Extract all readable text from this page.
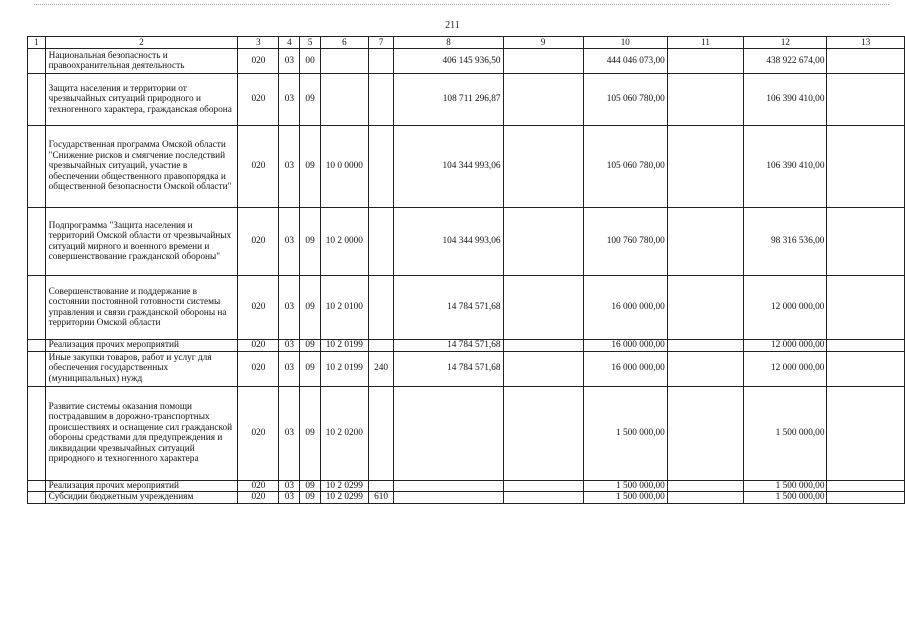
211
1	2	3	4	5	6	7	8	9	10	11	12	13
	Национальная безопасность и правоохранительная деятельность	020	03	00			406 145 936,50		444 046 073,00		438 922 674,00	
	Защита населения и территории от чрезвычайных ситуаций природного и техногенного характера, гражданская оборона	020	03	09			108 711 296,87		105 060 780,00		106 390 410,00	
	Государственная программа Омской области "Снижение рисков и смягчение последствий чрезвычайных ситуаций, участие в обеспечении общественного правопорядка и общественной безопасности Омской области"	020	03	09	10 0 0000		104 344 993,06		105 060 780,00		106 390 410,00	
	Подпрограмма "Защита населения и территорий Омской области от чрезвычайных ситуаций мирного и военного времени и совершенствование гражданской обороны"	020	03	09	10 2 0000		104 344 993,06		100 760 780,00		98 316 536,00	
	Совершенствование и поддержание в состоянии постоянной готовности системы управления и связи гражданской обороны на территории Омской области	020	03	09	10 2 0100		14 784 571,68		16 000 000,00		12 000 000,00	
	Реализация прочих мероприятий	020	03	09	10 2 0199		14 784 571,68		16 000 000,00		12 000 000,00	
	Иные закупки товаров, работ и услуг для обеспечения государственных (муниципальных) нужд	020	03	09	10 2 0199	240	14 784 571,68		16 000 000,00		12 000 000,00	
	Развитие системы оказания помощи пострадавшим в дорожно-транспортных происшествиях и оснащение сил гражданской обороны средствами для предупреждения и ликвидации чрезвычайных ситуаций природного и техногенного характера	020	03	09	10 2 0200				1 500 000,00		1 500 000,00	
	Реализация прочих мероприятий	020	03	09	10 2 0299				1 500 000,00		1 500 000,00	
	Субсидии бюджетным учреждениям	020	03	09	10 2 0299	610			1 500 000,00		1 500 000,00	
